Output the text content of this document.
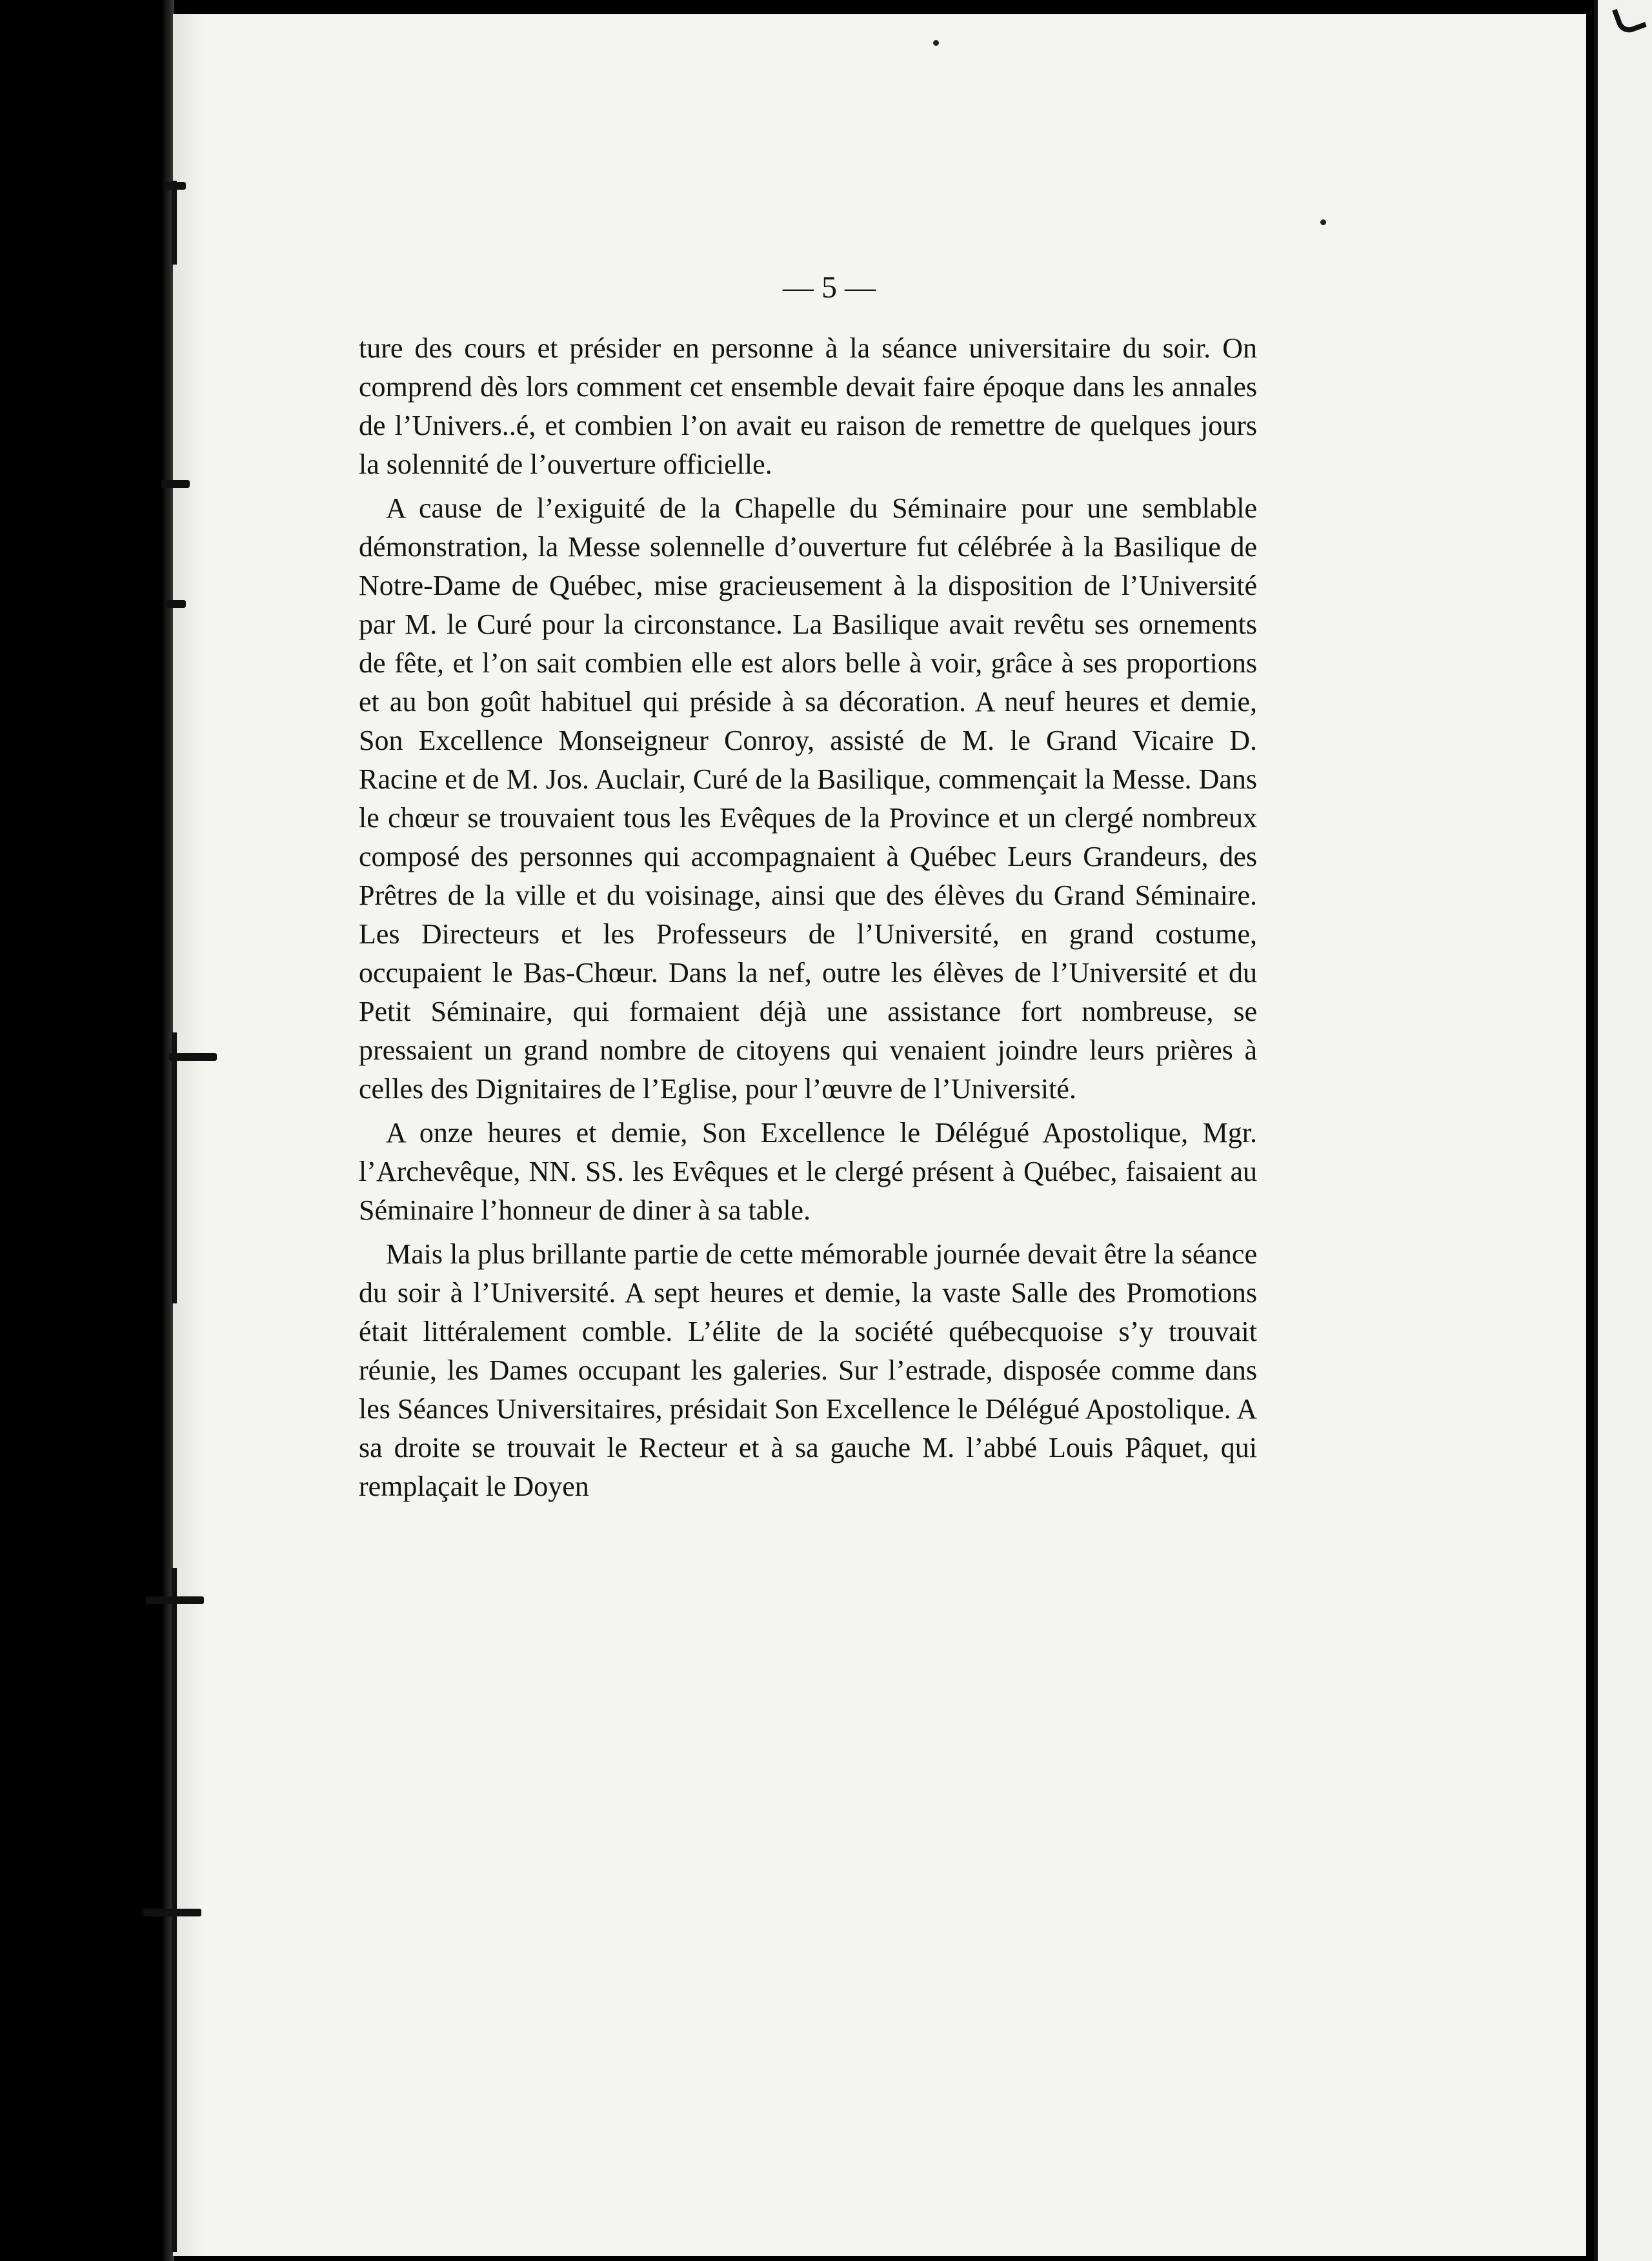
— 5 —

ture des cours et présider en personne à la séance universitaire du soir. On comprend dès lors comment cet ensemble devait faire époque dans les annales de l’Univers..é, et combien l’on avait eu raison de remettre de quelques jours la solennité de l’ouverture officielle.

A cause de l’exiguité de la Chapelle du Séminaire pour une semblable démonstration, la Messe solennelle d’ouverture fut célébrée à la Basilique de Notre-Dame de Québec, mise gracieusement à la disposition de l’Université par M. le Curé pour la circonstance. La Basilique avait revêtu ses ornements de fête, et l’on sait combien elle est alors belle à voir, grâce à ses proportions et au bon goût habituel qui préside à sa décoration. A neuf heures et demie, Son Excellence Monseigneur Conroy, assisté de M. le Grand Vicaire D. Racine et de M. Jos. Auclair, Curé de la Basilique, commençait la Messe. Dans le chœur se trouvaient tous les Evêques de la Province et un clergé nombreux composé des personnes qui accompagnaient à Québec Leurs Grandeurs, des Prêtres de la ville et du voisinage, ainsi que des élèves du Grand Séminaire. Les Directeurs et les Professeurs de l’Université, en grand costume, occupaient le Bas-Chœur. Dans la nef, outre les élèves de l’Université et du Petit Séminaire, qui formaient déjà une assistance fort nombreuse, se pressaient un grand nombre de citoyens qui venaient joindre leurs prières à celles des Dignitaires de l’Eglise, pour l’œuvre de l’Université.

A onze heures et demie, Son Excellence le Délégué Apostolique, Mgr. l’Archevêque, NN. SS. les Evêques et le clergé présent à Québec, faisaient au Séminaire l’honneur de diner à sa table.

Mais la plus brillante partie de cette mémorable journée devait être la séance du soir à l’Université. A sept heures et demie, la vaste Salle des Promotions était littéralement comble. L’élite de la société québecquoise s’y trouvait réunie, les Dames occupant les galeries. Sur l’estrade, disposée comme dans les Séances Universitaires, présidait Son Excellence le Délégué Apostolique. A sa droite se trouvait le Recteur et à sa gauche M. l’abbé Louis Pâquet, qui remplaçait le Doyen
